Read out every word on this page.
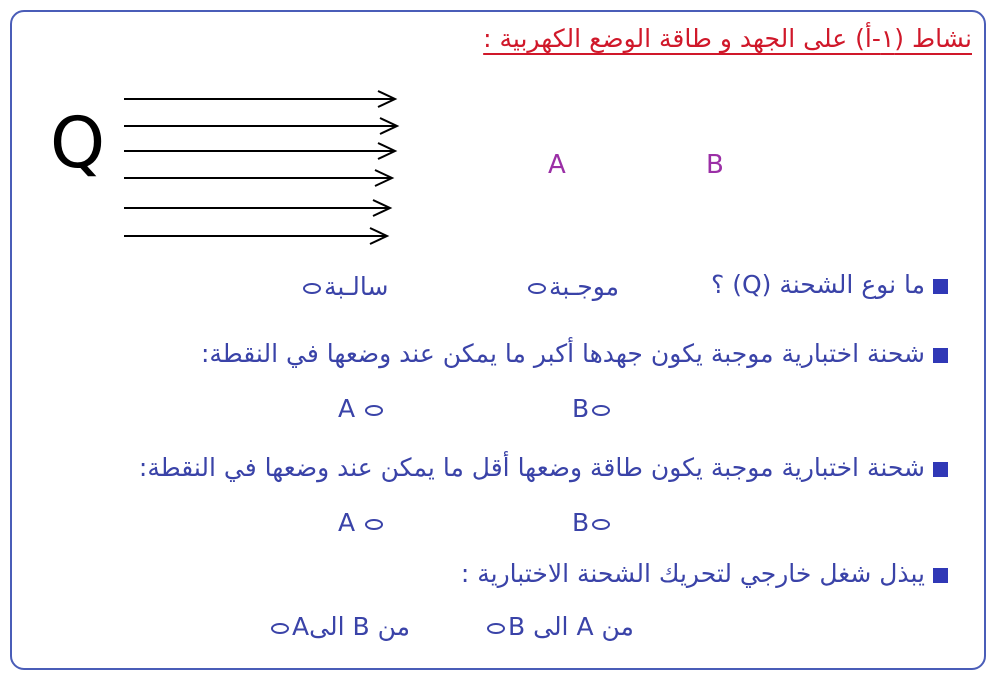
نشاط (١-أ) على الجهد و طاقة الوضع الكهربية :
Q	A	B
ما نوع الشحنة (Q) ؟
موجـبة
سالـبة
شحنة اختبارية موجبة يكون جهدها أكبر ما يمكن عند وضعها في النقطة:
B
A
شحنة اختبارية موجبة يكون طاقة وضعها أقل ما يمكن عند وضعها في النقطة:
B
A
يبذل شغل خارجي لتحريك الشحنة الاختبارية :
من A الى B
من B الىA
